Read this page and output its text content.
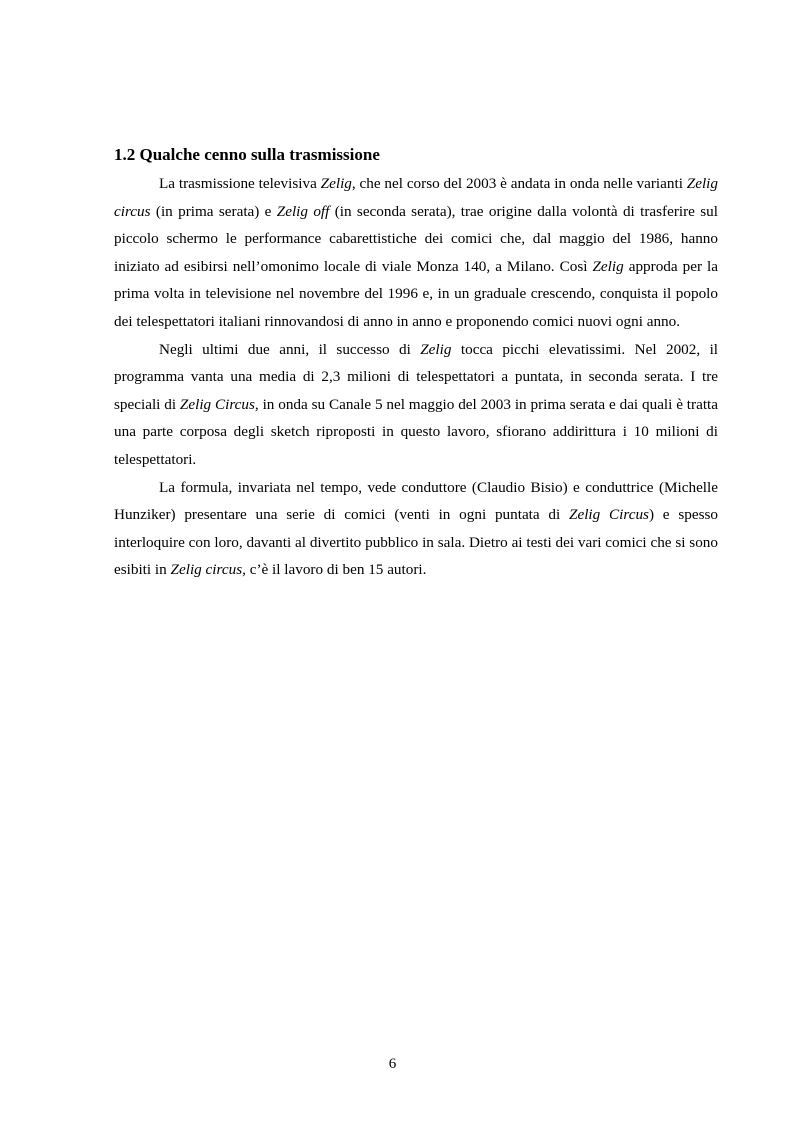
1.2 Qualche cenno sulla trasmissione

La trasmissione televisiva Zelig, che nel corso del 2003 è andata in onda nelle varianti Zelig circus (in prima serata) e Zelig off (in seconda serata), trae origine dalla volontà di trasferire sul piccolo schermo le performance cabarettistiche dei comici che, dal maggio del 1986, hanno iniziato ad esibirsi nell’omonimo locale di viale Monza 140, a Milano. Così Zelig approda per la prima volta in televisione nel novembre del 1996 e, in un graduale crescendo, conquista il popolo dei telespettatori italiani rinnovandosi di anno in anno e proponendo comici nuovi ogni anno.

Negli ultimi due anni, il successo di Zelig tocca picchi elevatissimi. Nel 2002, il programma vanta una media di 2,3 milioni di telespettatori a puntata, in seconda serata. I tre speciali di Zelig Circus, in onda su Canale 5 nel maggio del 2003 in prima serata e dai quali è tratta una parte corposa degli sketch riproposti in questo lavoro, sfiorano addirittura i 10 milioni di telespettatori.

La formula, invariata nel tempo, vede conduttore (Claudio Bisio) e conduttrice (Michelle Hunziker) presentare una serie di comici (venti in ogni puntata di Zelig Circus) e spesso interloquire con loro, davanti al divertito pubblico in sala. Dietro ai testi dei vari comici che si sono esibiti in Zelig circus, c’è il lavoro di ben 15 autori.

6
